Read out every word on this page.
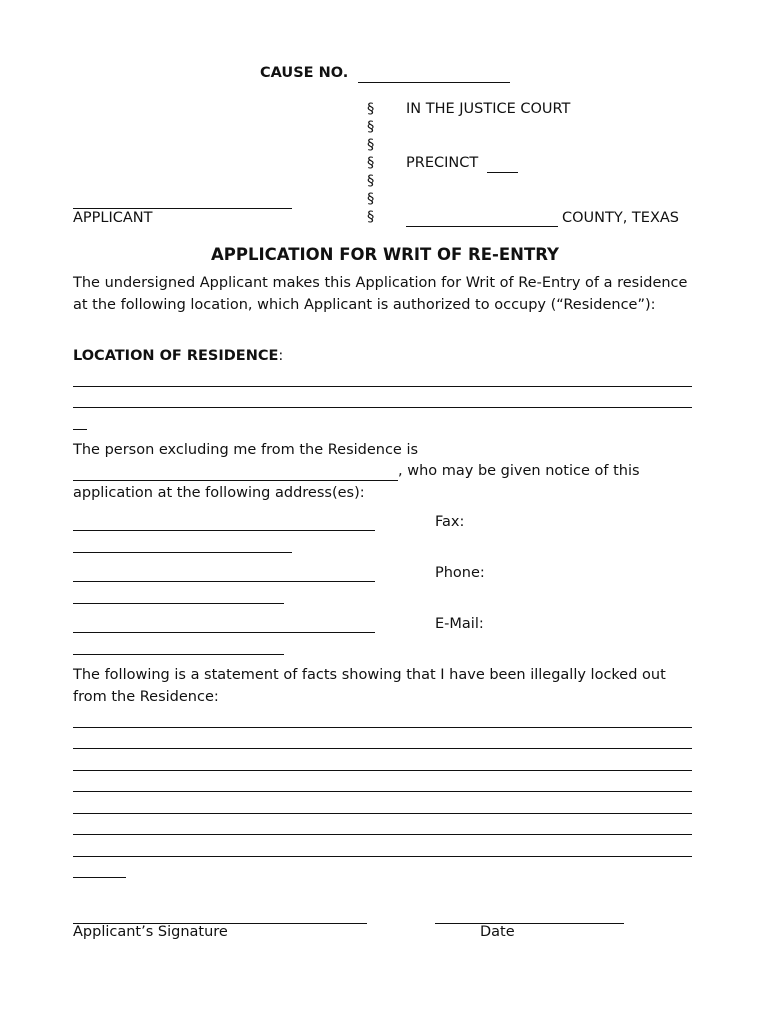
CAUSE NO.
§
§
§
§
§
§
§
IN THE JUSTICE COURT
PRECINCT
COUNTY, TEXAS
APPLICANT
APPLICATION FOR WRIT OF RE-ENTRY
The undersigned Applicant makes this Application for Writ of Re-Entry of a residence at the following location, which Applicant is authorized to occupy (“Residence”):
LOCATION OF RESIDENCE:
The person excluding me from the Residence is
, who may be given notice of this
application at the following address(es):
Fax:
Phone:
E-Mail:
The following is a statement of facts showing that I have been illegally locked out from the Residence:
Applicant’s Signature	Date
